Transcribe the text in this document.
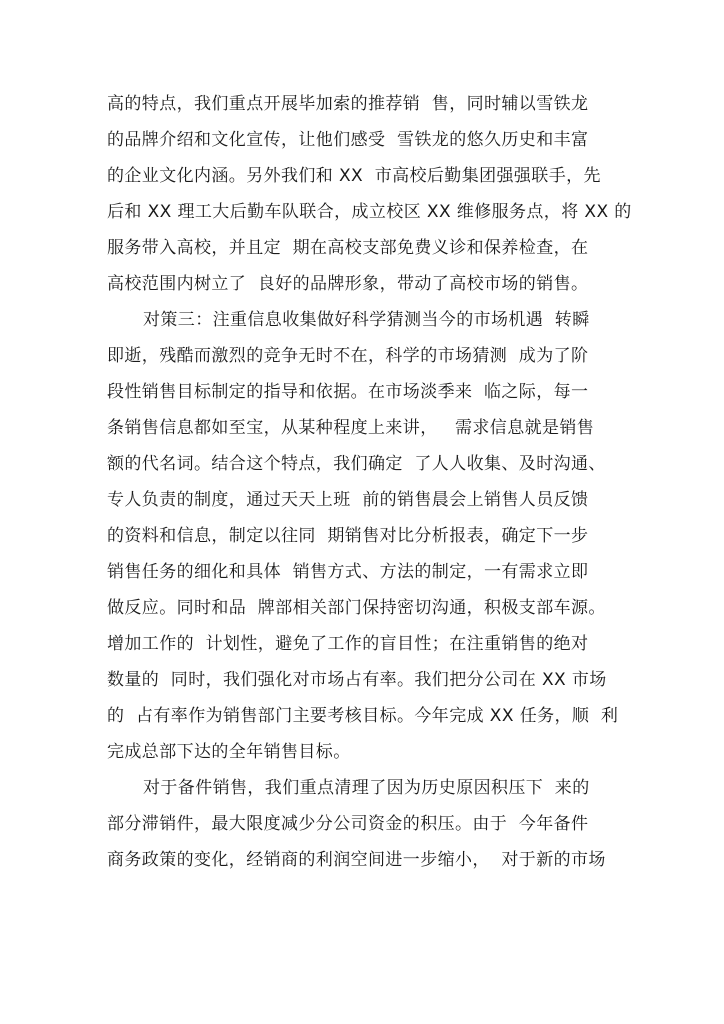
高的特点，我们重点开展毕加索的推荐销  售，同时辅以雪铁龙
的品牌介绍和文化宣传，让他们感受  雪铁龙的悠久历史和丰富
的企业文化内涵。另外我们和 XX  市高校后勤集团强强联手，先
后和 XX 理工大后勤车队联合，成立校区 XX 维修服务点，将 XX 的
服务带入高校，并且定  期在高校支部免费义诊和保养检查，在
高校范围内树立了  良好的品牌形象，带动了高校市场的销售。
对策三：注重信息收集做好科学猜测当今的市场机遇  转瞬
即逝，残酷而激烈的竞争无时不在，科学的市场猜测  成为了阶
段性销售目标制定的指导和依据。在市场淡季来  临之际，每一
条销售信息都如至宝，从某种程度上来讲，   需求信息就是销售
额的代名词。结合这个特点，我们确定  了人人收集、及时沟通、
专人负责的制度，通过天天上班  前的销售晨会上销售人员反馈
的资料和信息，制定以往同  期销售对比分析报表，确定下一步
销售任务的细化和具体  销售方式、方法的制定，一有需求立即
做反应。同时和品  牌部相关部门保持密切沟通，积极支部车源。
增加工作的  计划性，避免了工作的盲目性；在注重销售的绝对
数量的  同时，我们强化对市场占有率。我们把分公司在 XX 市场
的  占有率作为销售部门主要考核目标。今年完成 XX 任务，顺  利
完成总部下达的全年销售目标。
对于备件销售，我们重点清理了因为历史原因积压下  来的
部分滞销件，最大限度减少分公司资金的积压。由于  今年备件
商务政策的变化，经销商的利润空间进一步缩小，  对于新的市场
